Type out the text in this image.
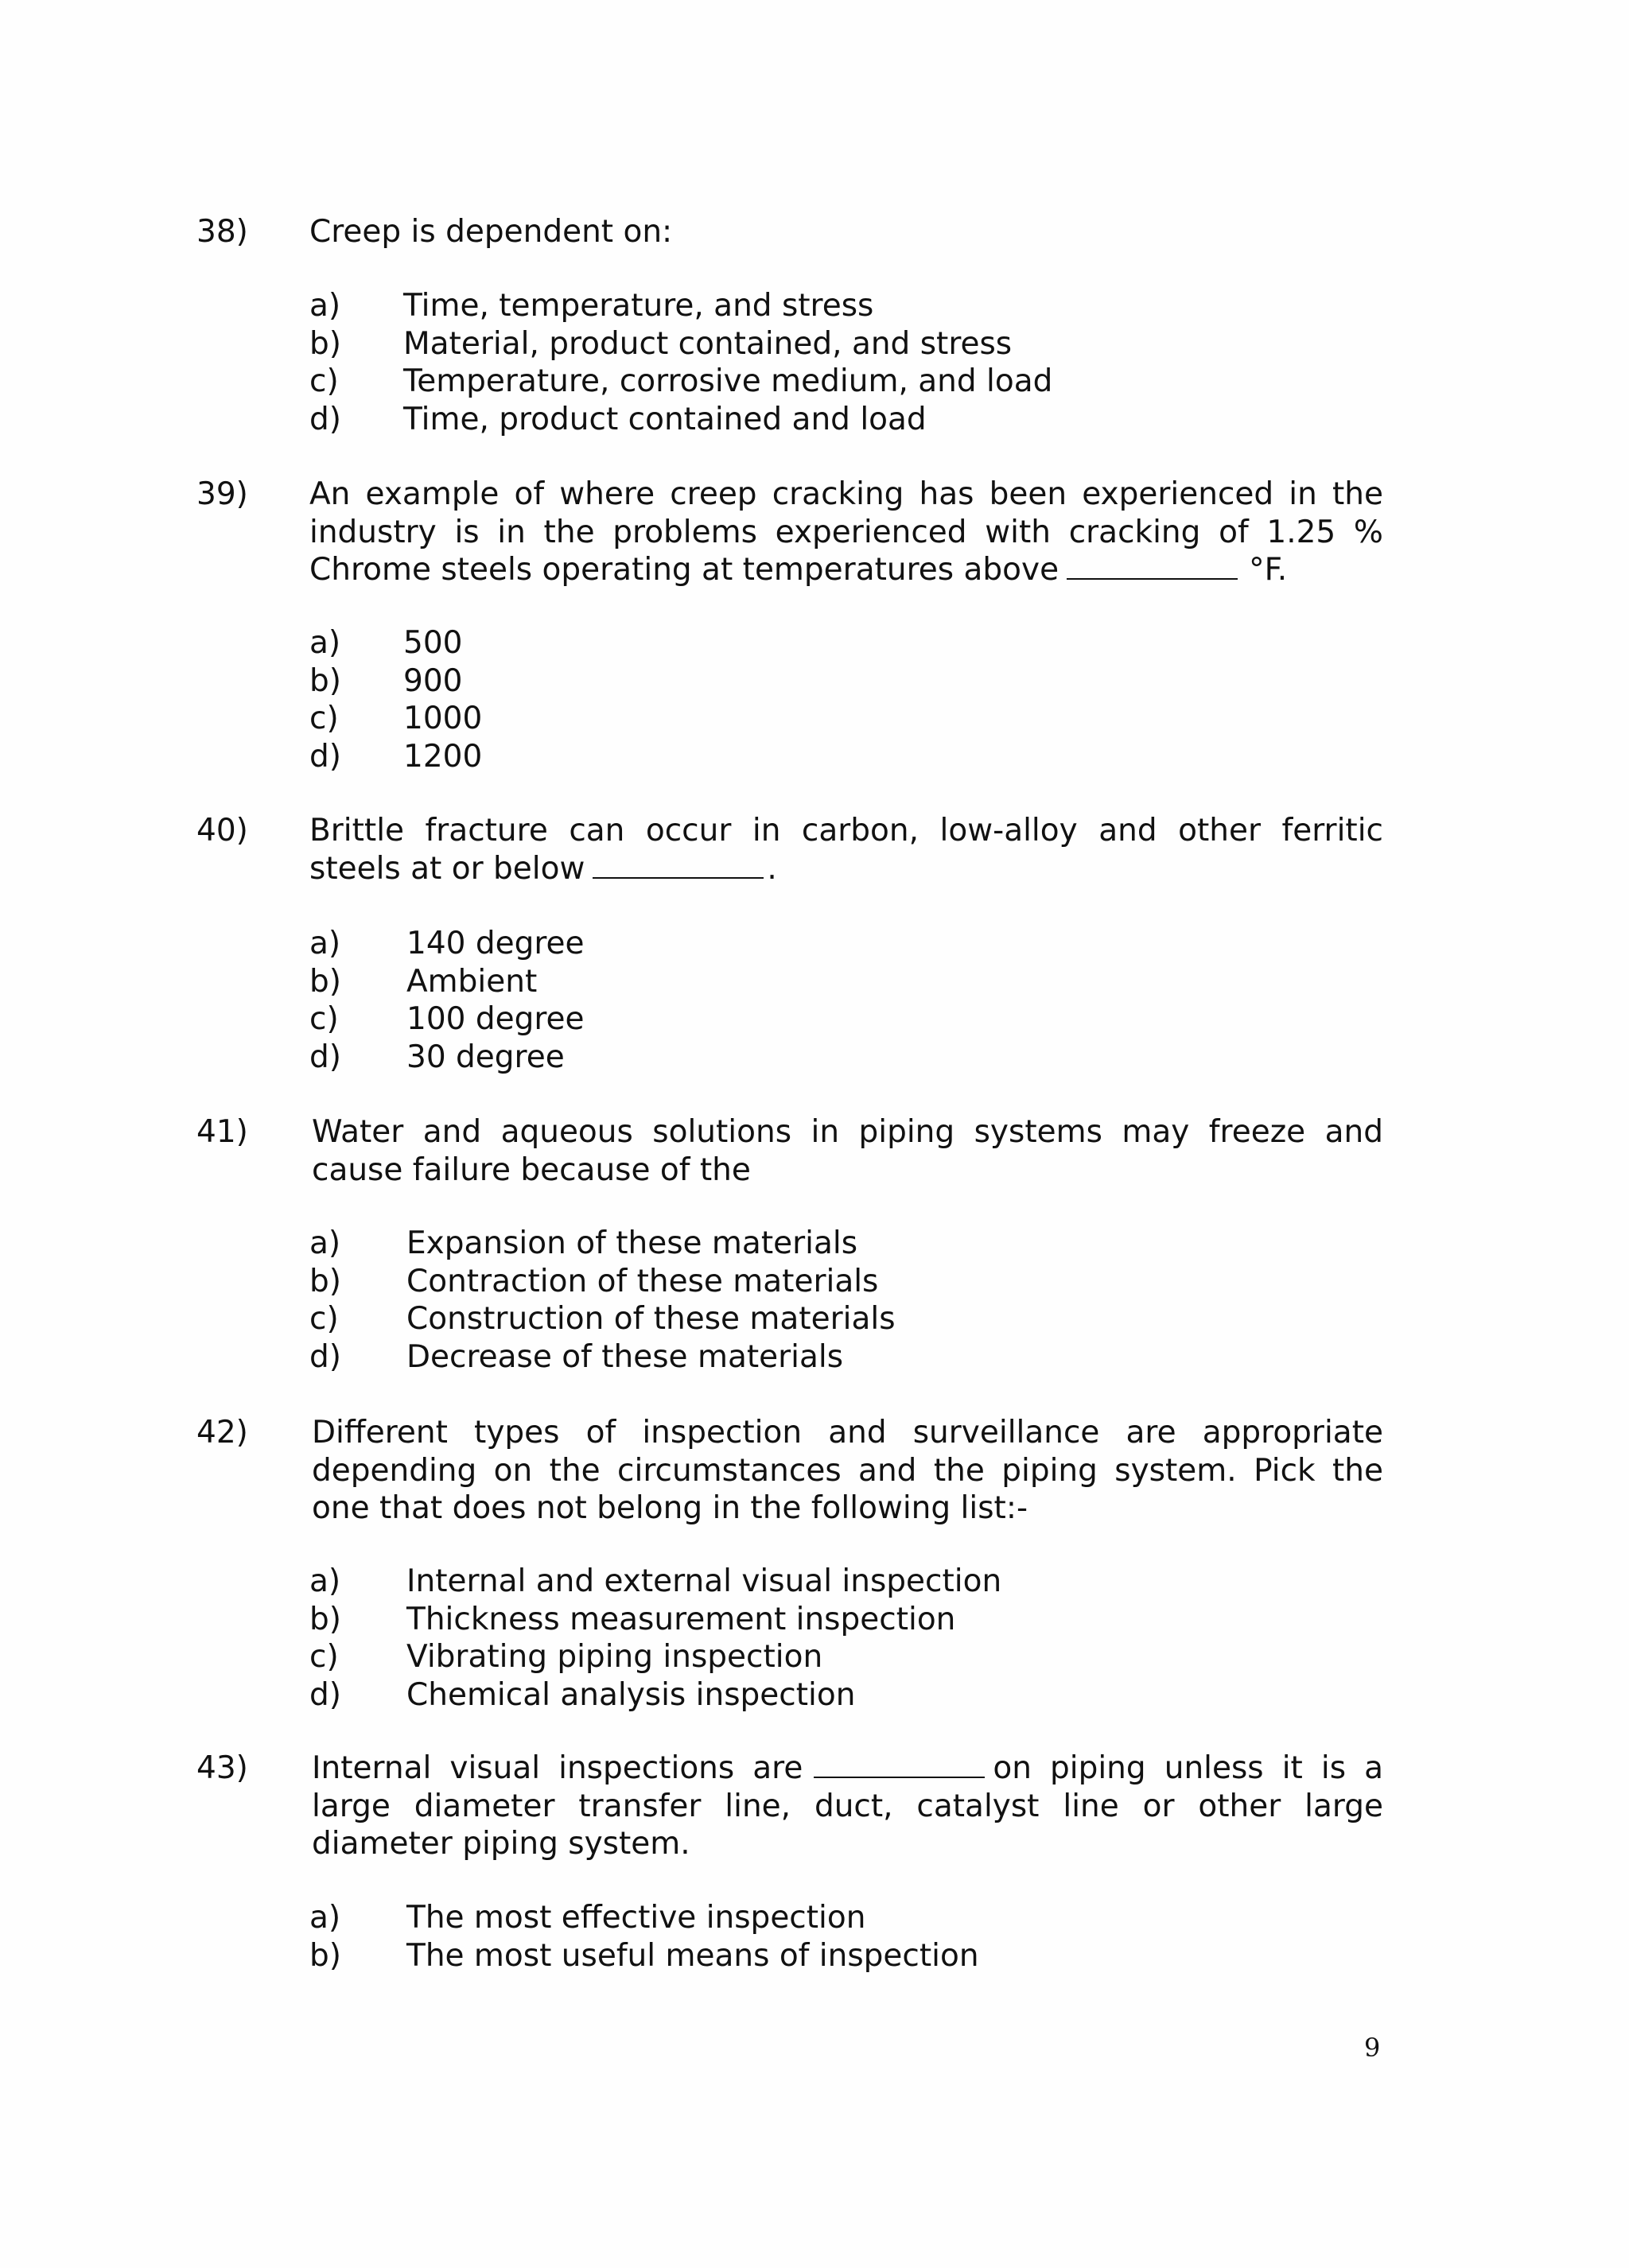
38) Creep is dependent on:
a) Time, temperature, and stress
b) Material, product contained, and stress
c) Temperature, corrosive medium, and load
d) Time, product contained and load
39) An example of where creep cracking has been experienced in the
industry is in the problems experienced with cracking of 1.25 %
Chrome steels operating at temperatures above	°F.
a) 500
b) 900
c) 1000
d) 1200
40) Brittle fracture can occur in carbon, low-alloy and other ferritic
steels at or below	.
a) 140 degree
b) Ambient
c) 100 degree
d) 30 degree
41) Water and aqueous solutions in piping systems may freeze and
cause failure because of the
a) Expansion of these materials
b) Contraction of these materials
c) Construction of these materials
d) Decrease of these materials
42) Different types of inspection and surveillance are appropriate
depending on the circumstances and the piping system. Pick the
one that does not belong in the following list:-
a) Internal and external visual inspection
b) Thickness measurement inspection
c) Vibrating piping inspection
d) Chemical analysis inspection
43) Internal visual inspections are	on piping unless it is a
large diameter transfer line, duct, catalyst line or other large
diameter piping system.
a) The most effective inspection
b) The most useful means of inspection
9
